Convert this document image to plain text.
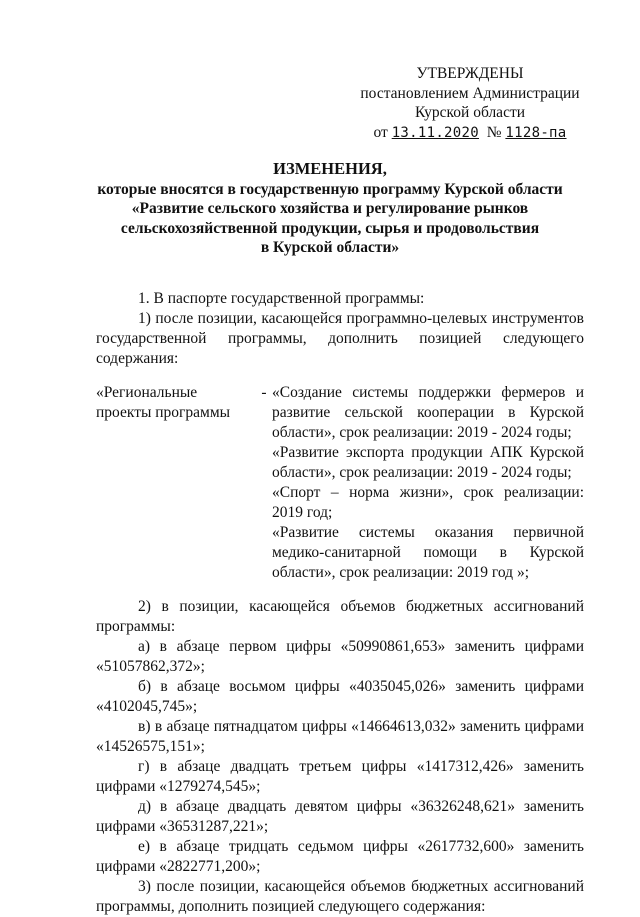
УТВЕРЖДЕНЫ
постановлением Администрации
Курской области
от 13.11.2020 № 1128-па
ИЗМЕНЕНИЯ,
которые вносятся в государственную программу Курской области
«Развитие сельского хозяйства и регулирование рынков
сельскохозяйственной продукции, сырья и продовольствия
в Курской области»

1. В паспорте государственной программы:

1) после позиции, касающейся программно-целевых инструментов государственной программы, дополнить позицией следующего содержания:

«Региональные проекты программы
- «Создание системы поддержки фермеров и развитие сельской кооперации в Курской области», срок реализации: 2019 - 2024 годы;

«Развитие экспорта продукции АПК Курской области», срок реализации: 2019 - 2024 годы;

«Спорт – норма жизни», срок реализации: 2019 год;

«Развитие системы оказания первичной медико-санитарной помощи в Курской области», срок реализации: 2019 год »;

2) в позиции, касающейся объемов бюджетных ассигнований программы:

а) в абзаце первом цифры «50990861,653» заменить цифрами «51057862,372»;

б) в абзаце восьмом цифры «4035045,026» заменить цифрами «4102045,745»;

в) в абзаце пятнадцатом цифры «14664613,032» заменить цифрами «14526575,151»;

г) в абзаце двадцать третьем цифры «1417312,426» заменить цифрами «1279274,545»;

д) в абзаце двадцать девятом цифры «36326248,621» заменить цифрами «36531287,221»;

е) в абзаце тридцать седьмом цифры «2617732,600» заменить цифрами «2822771,200»;

3) после позиции, касающейся объемов бюджетных ассигнований программы, дополнить позицией следующего содержания:
